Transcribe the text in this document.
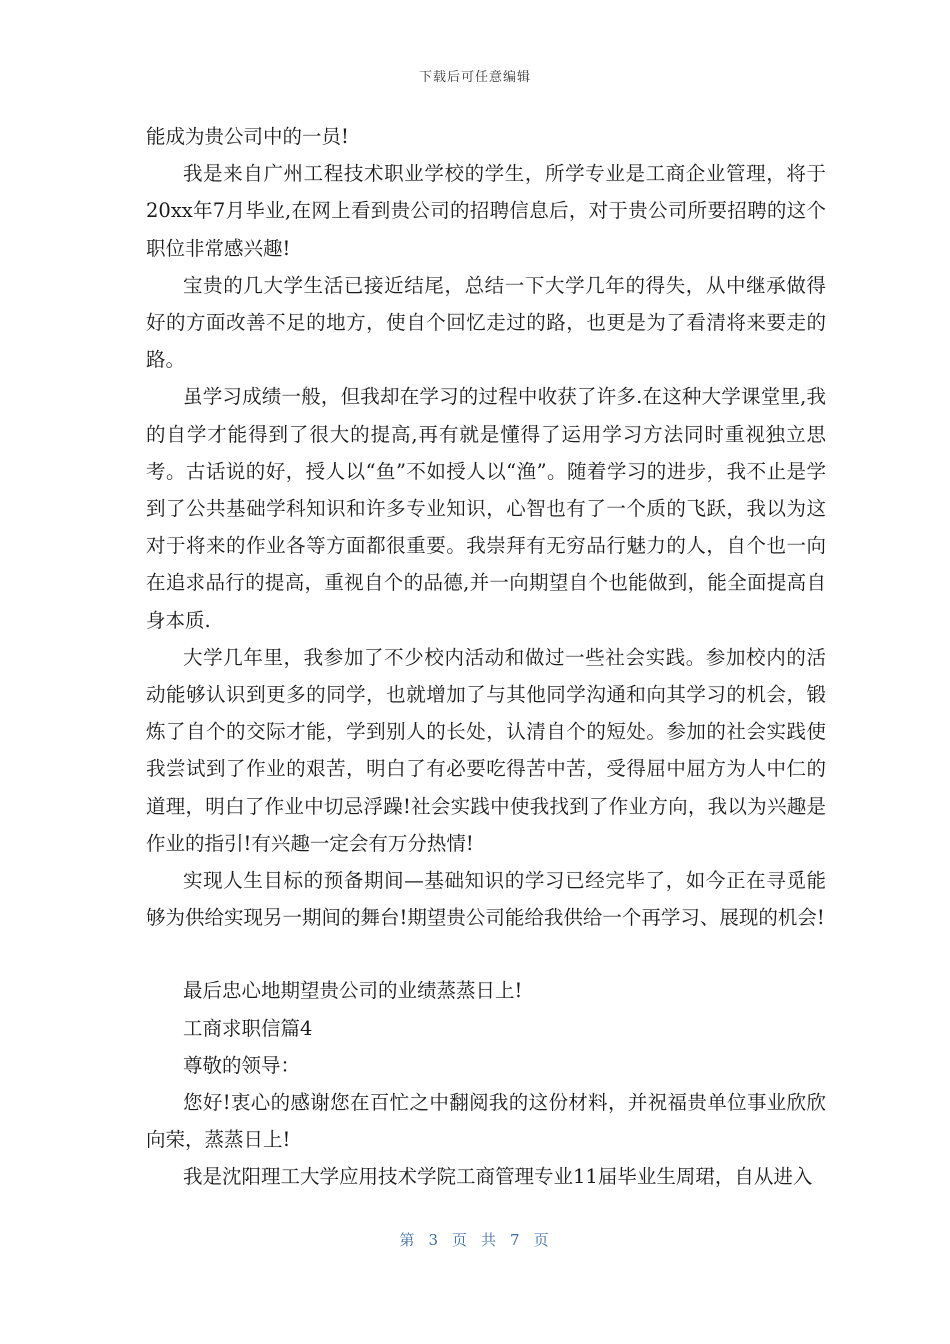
下载后可任意编辑

能成为贵公司中的一员!

我是来自广州工程技术职业学校的学生，所学专业是工商企业管理，将于20xx年7月毕业,在网上看到贵公司的招聘信息后，对于贵公司所要招聘的这个职位非常感兴趣!

宝贵的几大学生活已接近结尾，总结一下大学几年的得失，从中继承做得好的方面改善不足的地方，使自个回忆走过的路，也更是为了看清将来要走的路。

虽学习成绩一般，但我却在学习的过程中收获了许多.在这种大学课堂里,我的自学才能得到了很大的提高,再有就是懂得了运用学习方法同时重视独立思考。古话说的好，授人以“鱼”不如授人以“渔”。随着学习的进步，我不止是学到了公共基础学科知识和许多专业知识，心智也有了一个质的飞跃，我以为这对于将来的作业各等方面都很重要。我崇拜有无穷品行魅力的人，自个也一向在追求品行的提高，重视自个的品德,并一向期望自个也能做到，能全面提高自身本质.

大学几年里，我参加了不少校内活动和做过一些社会实践。参加校内的活动能够认识到更多的同学，也就增加了与其他同学沟通和向其学习的机会，锻炼了自个的交际才能，学到别人的长处，认清自个的短处。参加的社会实践使我尝试到了作业的艰苦，明白了有必要吃得苦中苦，受得屈中屈方为人中仁的道理，明白了作业中切忌浮躁!社会实践中使我找到了作业方向，我以为兴趣是作业的指引!有兴趣一定会有万分热情!

实现人生目标的预备期间—基础知识的学习已经完毕了，如今正在寻觅能够为供给实现另一期间的舞台!期望贵公司能给我供给一个再学习、展现的机会!

最后忠心地期望贵公司的业绩蒸蒸日上!

工商求职信篇4

尊敬的领导：

您好!衷心的感谢您在百忙之中翻阅我的这份材料，并祝福贵单位事业欣欣向荣，蒸蒸日上!

我是沈阳理工大学应用技术学院工商管理专业11届毕业生周珺，自从进入

第 3 页 共 7 页
